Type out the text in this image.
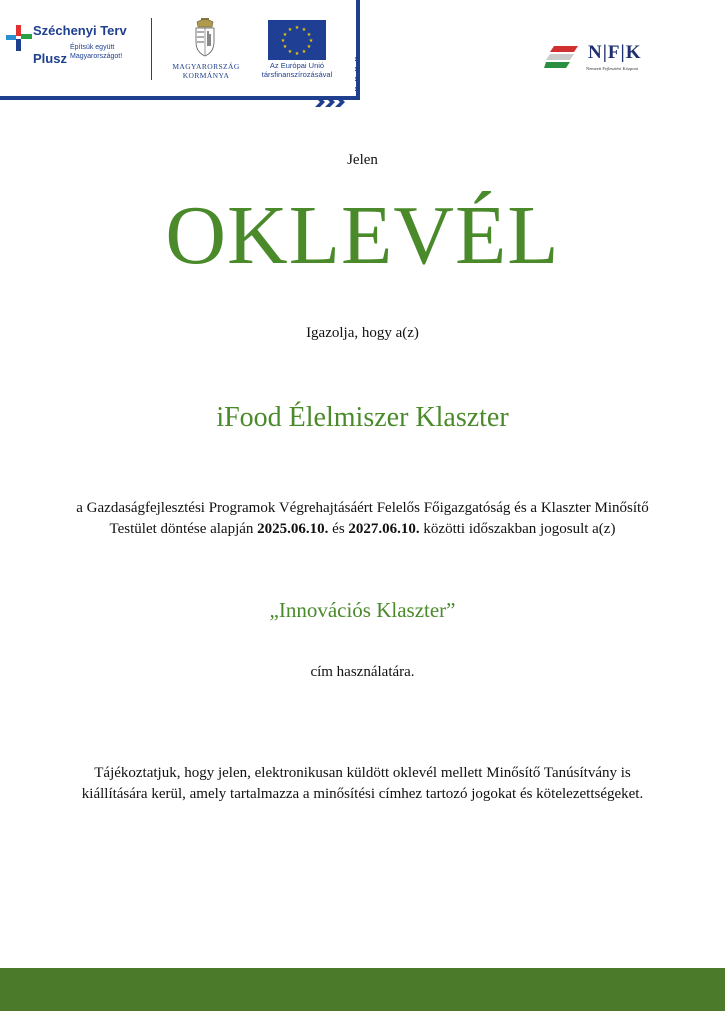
»
»
»
»
Széchenyi Terv
Plusz
Építsük együtt
Magyarországot!
MAGYARORSZÁG
KORMÁNYA
★ ★
★
★
★
★
★
★
★
★
★
★
Az Európai Unió
társfinanszírozásával
N|F|K
Nemzeti Fejlesztési Központ
Jelen
OKLEVÉL
Igazolja, hogy a(z)
iFood Élelmiszer Klaszter
a Gazdaságfejlesztési Programok Végrehajtásáért Felelős Főigazgatóság és a Klaszter Minősítő Testület döntése alapján 2025.06.10. és 2027.06.10. közötti időszakban jogosult a(z)
„Innovációs Klaszter”
cím használatára.
Tájékoztatjuk, hogy jelen, elektronikusan küldött oklevél mellett Minősítő Tanúsítvány is kiállítására kerül, amely tartalmazza a minősítési címhez tartozó jogokat és kötelezettségeket.
